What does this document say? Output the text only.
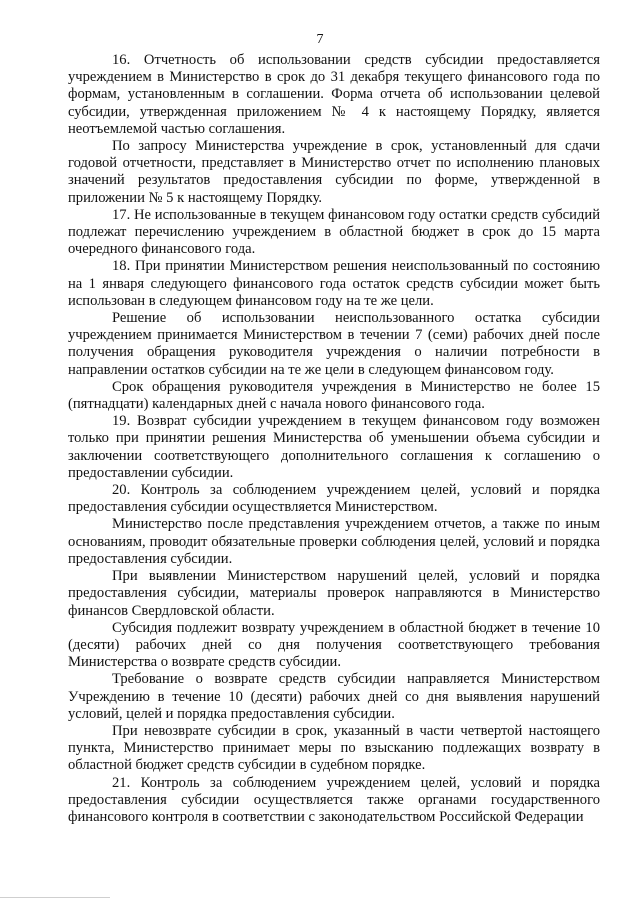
7

16. Отчетность об использовании средств субсидии предоставляется учреждением в Министерство в срок до 31 декабря текущего финансового года по формам, установленным в соглашении. Форма отчета об использовании целевой субсидии, утвержденная приложением № 4 к настоящему Порядку, является неотъемлемой частью соглашения.

По запросу Министерства учреждение в срок, установленный для сдачи годовой отчетности, представляет в Министерство отчет по исполнению плановых значений результатов предоставления субсидии по форме, утвержденной в приложении № 5 к настоящему Порядку.

17. Не использованные в текущем финансовом году остатки средств субсидий подлежат перечислению учреждением в областной бюджет в срок до 15 марта очередного финансового года.

18. При принятии Министерством решения неиспользованный по состоянию на 1 января следующего финансового года остаток средств субсидии может быть использован в следующем финансовом году на те же цели.

Решение об использовании неиспользованного остатка субсидии учреждением принимается Министерством в течении 7 (семи) рабочих дней после получения обращения руководителя учреждения о наличии потребности в направлении остатков субсидии на те же цели в следующем финансовом году.

Срок обращения руководителя учреждения в Министерство не более 15 (пятнадцати) календарных дней с начала нового финансового года.

19. Возврат субсидии учреждением в текущем финансовом году возможен только при принятии решения Министерства об уменьшении объема субсидии и заключении соответствующего дополнительного соглашения к соглашению о предоставлении субсидии.

20. Контроль за соблюдением учреждением целей, условий и порядка предоставления субсидии осуществляется Министерством.

Министерство после представления учреждением отчетов, а также по иным основаниям, проводит обязательные проверки соблюдения целей, условий и порядка предоставления субсидии.

При выявлении Министерством нарушений целей, условий и порядка предоставления субсидии, материалы проверок направляются в Министерство финансов Свердловской области.

Субсидия подлежит возврату учреждением в областной бюджет в течение 10 (десяти) рабочих дней со дня получения соответствующего требования Министерства о возврате средств субсидии.

Требование о возврате средств субсидии направляется Министерством Учреждению в течение 10 (десяти) рабочих дней со дня выявления нарушений условий, целей и порядка предоставления субсидии.

При невозврате субсидии в срок, указанный в части четвертой настоящего пункта, Министерство принимает меры по взысканию подлежащих возврату в областной бюджет средств субсидии в судебном порядке.

21. Контроль за соблюдением учреждением целей, условий и порядка предоставления субсидии осуществляется также органами государственного финансового контроля в соответствии с законодательством Российской Федерации
